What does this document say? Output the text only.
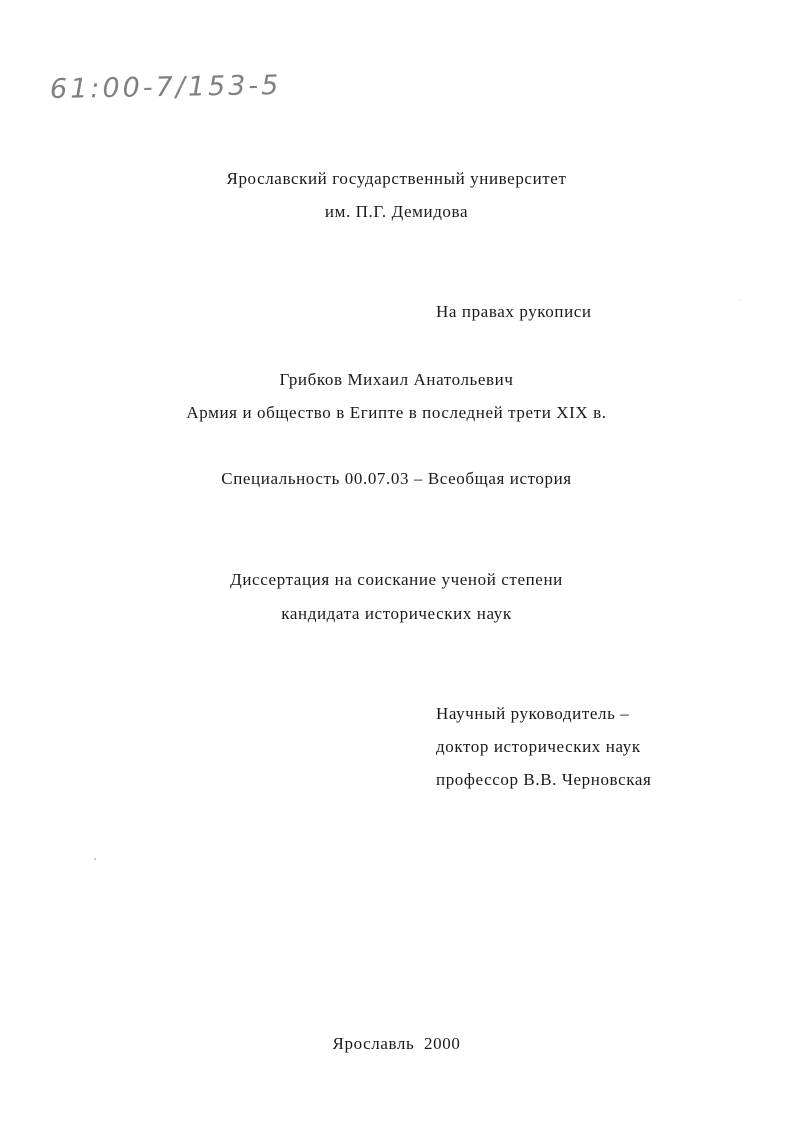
61:00-7/153-5
Ярославский государственный университет
им. П.Г. Демидова
На правах рукописи
Грибков Михаил Анатольевич
Армия и общество в Египте в последней трети XIX в.
Специальность 00.07.03 – Всеобщая история
Диссертация на соискание ученой степени
кандидата исторических наук
Научный руководитель –
доктор исторических наук
профессор В.В. Черновская
Ярославль  2000
